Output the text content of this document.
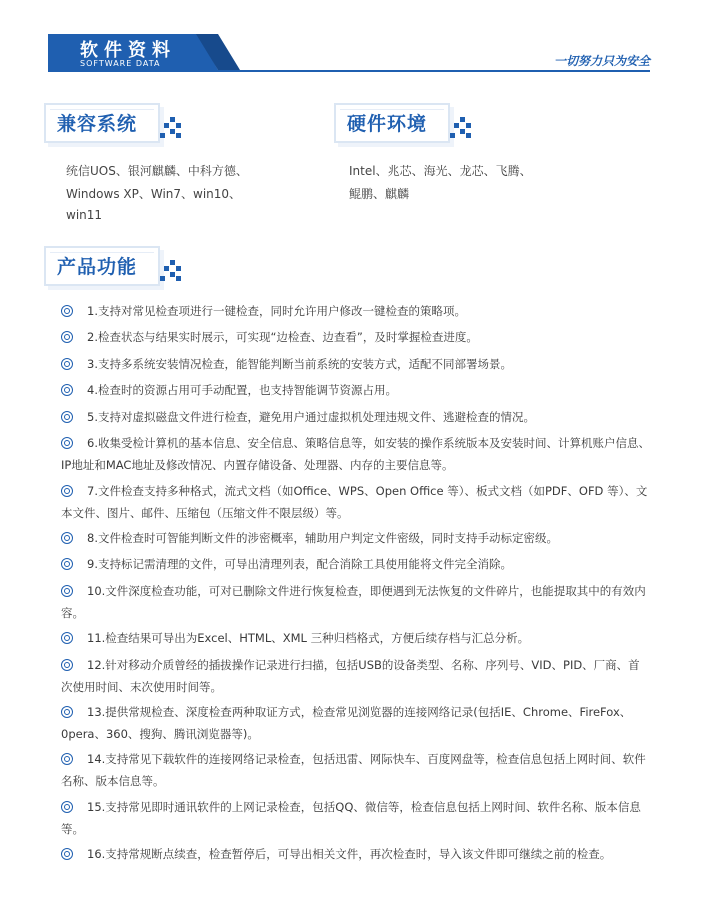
软件资料
SOFTWARE DATA	一切努力只为安全
兼容系统
统信UOS、银河麒麟、中科方德、
Windows XP、Win7、win10、
win11
硬件环境
Intel、兆芯、海光、龙芯、飞腾、
鲲鹏、麒麟
产品功能
1.支持对常见检查项进行一键检查，同时允许用户修改一键检查的策略项。
2.检查状态与结果实时展示，可实现“边检查、边查看”，及时掌握检查进度。
3.支持多系统安装情况检查，能智能判断当前系统的安装方式，适配不同部署场景。
4.检查时的资源占用可手动配置，也支持智能调节资源占用。
5.支持对虚拟磁盘文件进行检查，避免用户通过虚拟机处理违规文件、逃避检查的情况。
6.收集受检计算机的基本信息、安全信息、策略信息等，如安装的操作系统版本及安装时间、计算机账户信息、IP地址和MAC地址及修改情况、内置存储设备、处理器、内存的主要信息等。
7.文件检查支持多种格式，流式文档（如Office、WPS、Open Office 等）、板式文档（如PDF、OFD 等）、文本文件、图片、邮件、压缩包（压缩文件不限层级）等。
8.文件检查时可智能判断文件的涉密概率，辅助用户判定文件密级，同时支持手动标定密级。
9.支持标记需清理的文件，可导出清理列表，配合消除工具使用能将文件完全消除。
10.文件深度检查功能，可对已删除文件进行恢复检查，即便遇到无法恢复的文件碎片，也能提取其中的有效内容。
11.检查结果可导出为Excel、HTML、XML 三种归档格式，方便后续存档与汇总分析。
12.针对移动介质曾经的插拔操作记录进行扫描，包括USB的设备类型、名称、序列号、VID、PID、厂商、首次使用时间、末次使用时间等。
13.提供常规检查、深度检查两种取证方式，检查常见浏览器的连接网络记录(包括IE、Chrome、FireFox、0pera、360、搜狗、腾讯浏览器等)。
14.支持常见下载软件的连接网络记录检查，包括迅雷、网际快车、百度网盘等，检查信息包括上网时间、软件名称、版本信息等。
15.支持常见即时通讯软件的上网记录检查，包括QQ、微信等，检查信息包括上网时间、软件名称、版本信息等。
16.支持常规断点续查，检查暂停后，可导出相关文件，再次检查时，导入该文件即可继续之前的检查。
